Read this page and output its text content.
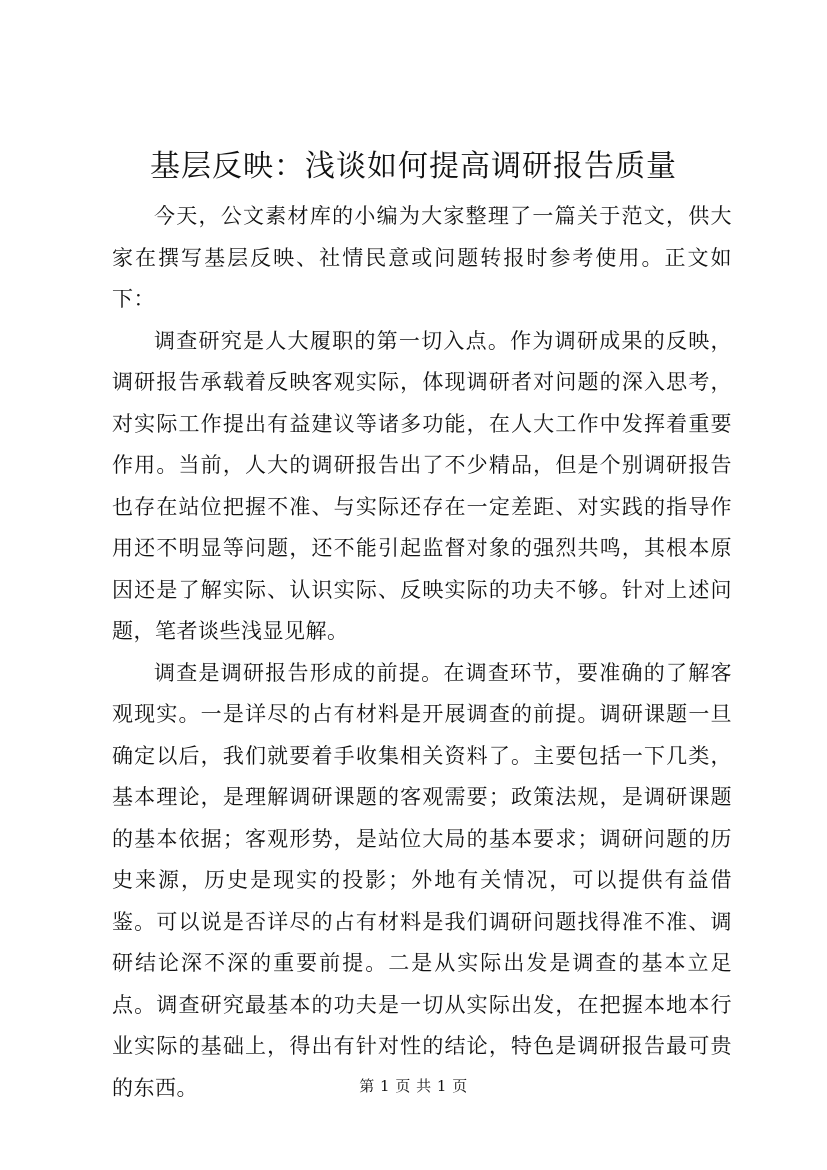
基层反映：浅谈如何提高调研报告质量

今天，公文素材库的小编为大家整理了一篇关于范文，供大家在撰写基层反映、社情民意或问题转报时参考使用。正文如下：

调查研究是人大履职的第一切入点。作为调研成果的反映，调研报告承载着反映客观实际，体现调研者对问题的深入思考，对实际工作提出有益建议等诸多功能，在人大工作中发挥着重要作用。当前，人大的调研报告出了不少精品，但是个别调研报告也存在站位把握不准、与实际还存在一定差距、对实践的指导作用还不明显等问题，还不能引起监督对象的强烈共鸣，其根本原因还是了解实际、认识实际、反映实际的功夫不够。针对上述问题，笔者谈些浅显见解。

调查是调研报告形成的前提。在调查环节，要准确的了解客观现实。一是详尽的占有材料是开展调查的前提。调研课题一旦确定以后，我们就要着手收集相关资料了。主要包括一下几类，基本理论，是理解调研课题的客观需要；政策法规，是调研课题的基本依据；客观形势，是站位大局的基本要求；调研问题的历史来源，历史是现实的投影；外地有关情况，可以提供有益借鉴。可以说是否详尽的占有材料是我们调研问题找得准不准、调研结论深不深的重要前提。二是从实际出发是调查的基本立足点。调查研究最基本的功夫是一切从实际出发，在把握本地本行业实际的基础上，得出有针对性的结论，特色是调研报告最可贵的东西。	第 1 页 共 1 页
